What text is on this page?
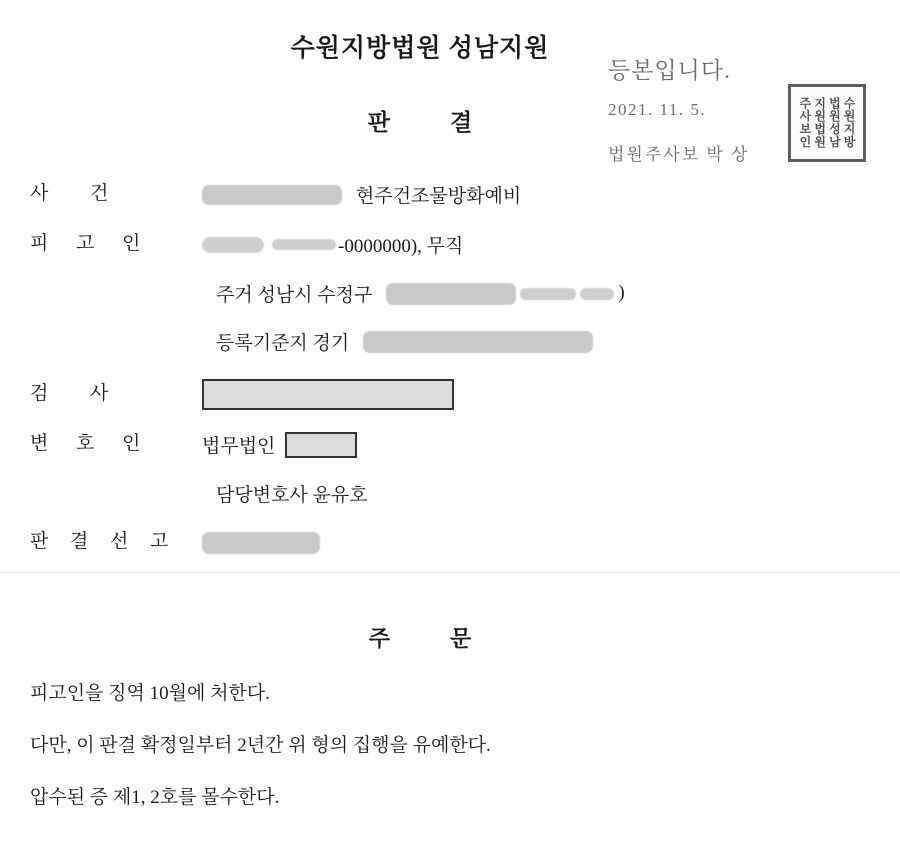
수원지방법원 성남지원
판	결
등본입니다.
2021. 11. 5.
법원주사보 박 상
수
원
지
방
법
원
성
남
지
원
법
원
주
사
보
인
사 건	현주건조물방화예비
피 고 인	-0000000), 무직
주거 성남시 수정구	)
등록기준지 경기
검 사
변 호 인	법무법인
담당변호사 윤유호
판 결 선 고
주	문
피고인을 징역 10월에 처한다.
다만, 이 판결 확정일부터 2년간 위 형의 집행을 유예한다.
압수된 증 제1, 2호를 몰수한다.
